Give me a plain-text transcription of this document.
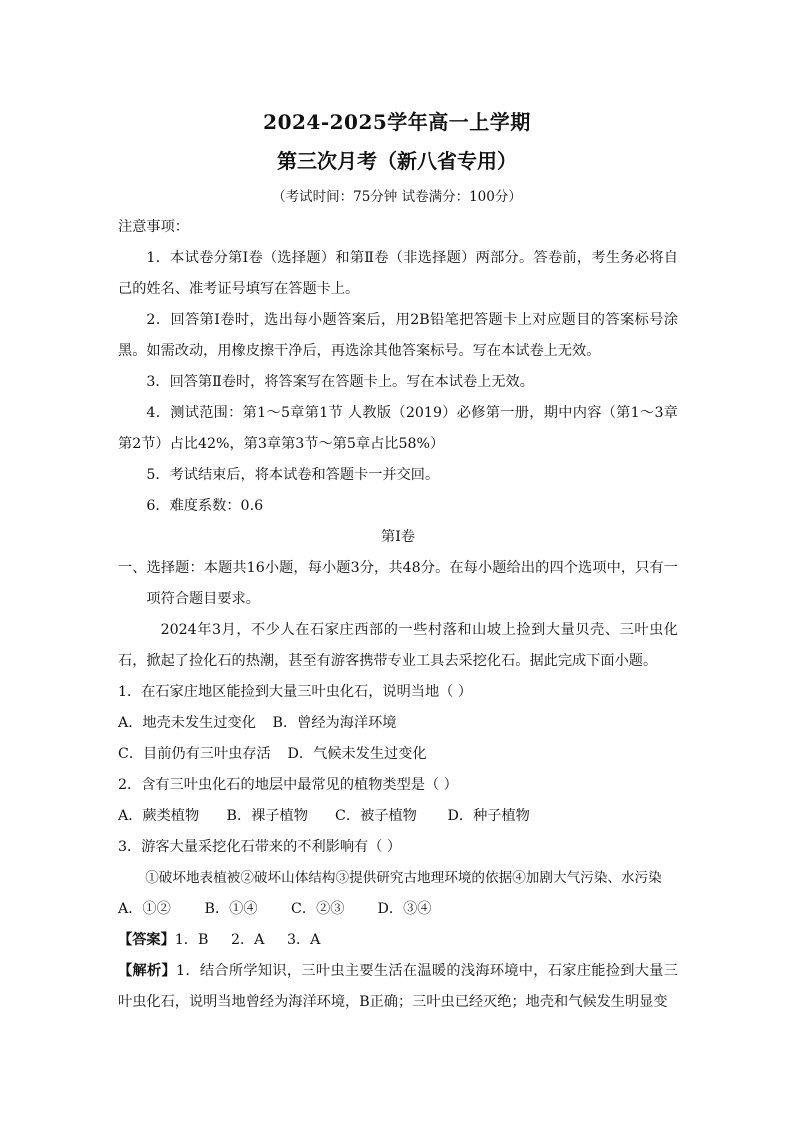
2024-2025学年高一上学期
第三次月考（新八省专用）
（考试时间：75分钟 试卷满分：100分）

注意事项：

1．本试卷分第Ⅰ卷（选择题）和第Ⅱ卷（非选择题）两部分。答卷前，考生务必将自己的姓名、准考证号填写在答题卡上。

2．回答第Ⅰ卷时，选出每小题答案后，用2B铅笔把答题卡上对应题目的答案标号涂黑。如需改动，用橡皮擦干净后，再选涂其他答案标号。写在本试卷上无效。

3．回答第Ⅱ卷时，将答案写在答题卡上。写在本试卷上无效。

4．测试范围：第1～5章第1节 人教版（2019）必修第一册，期中内容（第1～3章第2节）占比42%，第3章第3节～第5章占比58%）

5．考试结束后，将本试卷和答题卡一并交回。

6．难度系数：0.6

第Ⅰ卷

一、选择题：本题共16小题，每小题3分，共48分。在每小题给出的四个选项中，只有一项符合题目要求。

2024年3月，不少人在石家庄西部的一些村落和山坡上捡到大量贝壳、三叶虫化石，掀起了捡化石的热潮，甚至有游客携带专业工具去采挖化石。据此完成下面小题。

1．在石家庄地区能捡到大量三叶虫化石，说明当地（ ）

A．地壳未发生过变化 B．曾经为海洋环境

C．目前仍有三叶虫存活 D．气候未发生过变化

2．含有三叶虫化石的地层中最常见的植物类型是（ ）

A．蕨类植物 B．裸子植物 C．被子植物 D．种子植物

3．游客大量采挖化石带来的不利影响有（ ）

①破坏地表植被②破坏山体结构③提供研究古地理环境的依据④加剧大气污染、水污染

A．①② B．①④ C．②③ D．③④

【答案】1．B     2．A     3．A

【解析】1．结合所学知识，三叶虫主要生活在温暖的浅海环境中，石家庄能捡到大量三叶虫化石，说明当地曾经为海洋环境，B正确；三叶虫已经灭绝；地壳和气候发生明显变
